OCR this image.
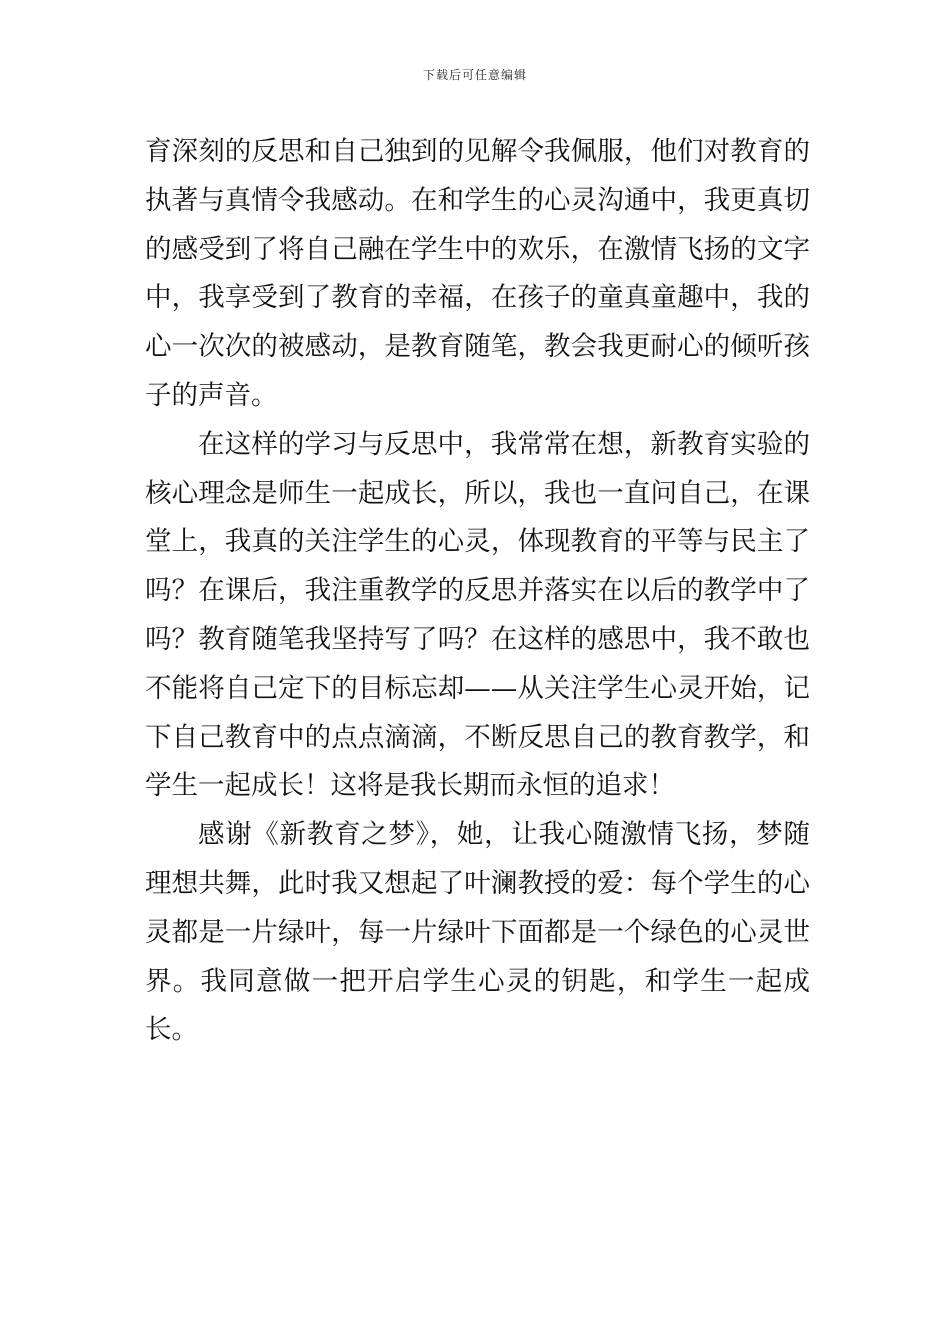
下载后可任意编辑

育深刻的反思和自己独到的见解令我佩服，他们对教育的执著与真情令我感动。在和学生的心灵沟通中，我更真切的感受到了将自己融在学生中的欢乐，在激情飞扬的文字中，我享受到了教育的幸福，在孩子的童真童趣中，我的心一次次的被感动，是教育随笔，教会我更耐心的倾听孩子的声音。

在这样的学习与反思中，我常常在想，新教育实验的核心理念是师生一起成长，所以，我也一直问自己，在课堂上，我真的关注学生的心灵，体现教育的平等与民主了吗？在课后，我注重教学的反思并落实在以后的教学中了吗？教育随笔我坚持写了吗？在这样的感思中，我不敢也不能将自己定下的目标忘却——从关注学生心灵开始，记下自己教育中的点点滴滴，不断反思自己的教育教学，和学生一起成长！这将是我长期而永恒的追求！

感谢《新教育之梦》，她，让我心随激情飞扬，梦随理想共舞，此时我又想起了叶澜教授的爱：每个学生的心灵都是一片绿叶，每一片绿叶下面都是一个绿色的心灵世界。我同意做一把开启学生心灵的钥匙，和学生一起成长。
